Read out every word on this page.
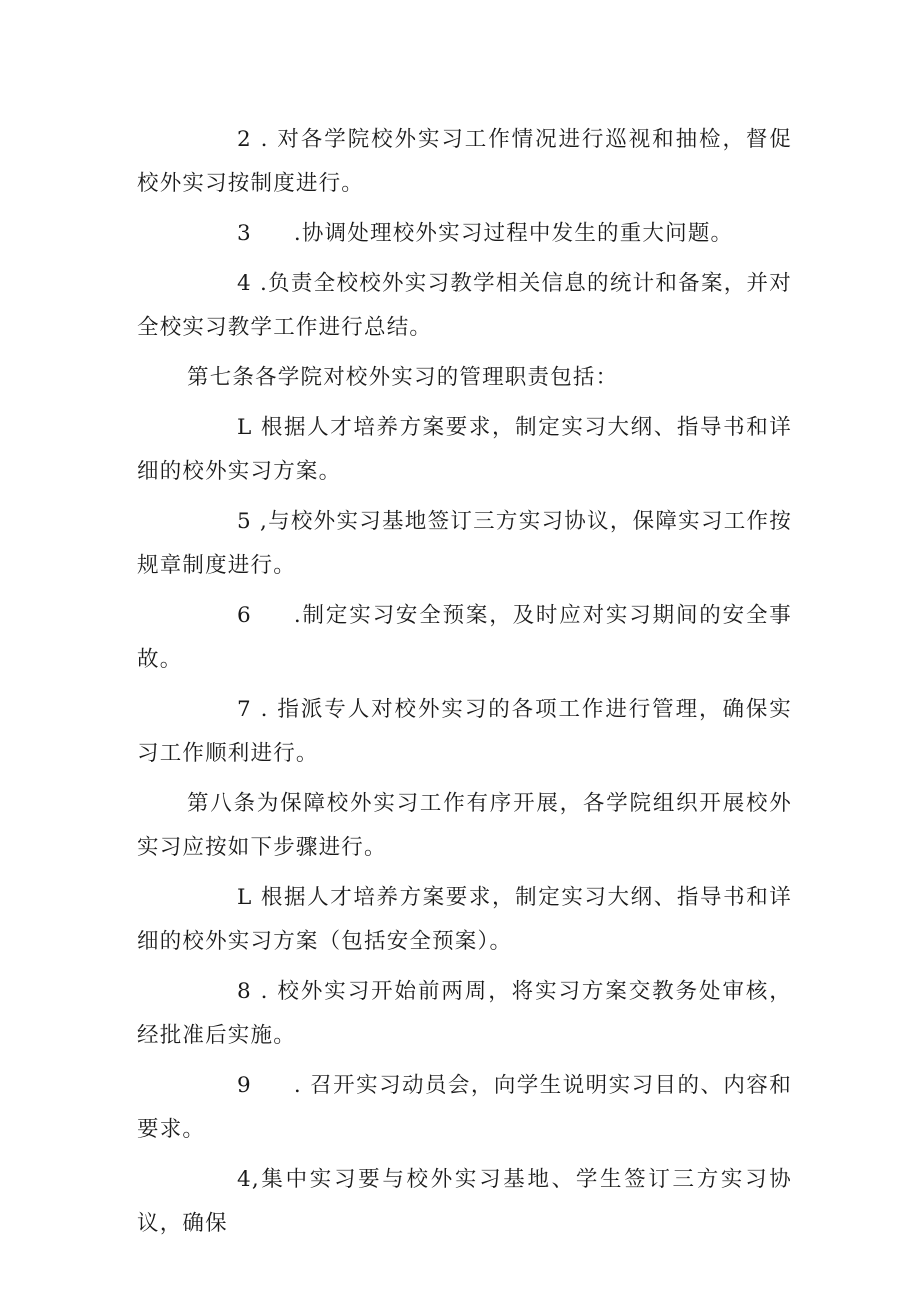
2 . 对各学院校外实习工作情况进行巡视和抽检，督促校外实习按制度进行。

3 .协调处理校外实习过程中发生的重大问题。

4 .负责全校校外实习教学相关信息的统计和备案，并对全校实习教学工作进行总结。

第七条各学院对校外实习的管理职责包括：

L 根据人才培养方案要求，制定实习大纲、指导书和详细的校外实习方案。

5 ,与校外实习基地签订三方实习协议，保障实习工作按规章制度进行。

6 .制定实习安全预案，及时应对实习期间的安全事故。

7 . 指派专人对校外实习的各项工作进行管理，确保实习工作顺利进行。

第八条为保障校外实习工作有序开展，各学院组织开展校外实习应按如下步骤进行。

L 根据人才培养方案要求，制定实习大纲、指导书和详细的校外实习方案（包括安全预案）。

8 . 校外实习开始前两周，将实习方案交教务处审核，经批准后实施。

9 . 召开实习动员会，向学生说明实习目的、内容和要求。

4,集中实习要与校外实习基地、学生签订三方实习协议，确保
